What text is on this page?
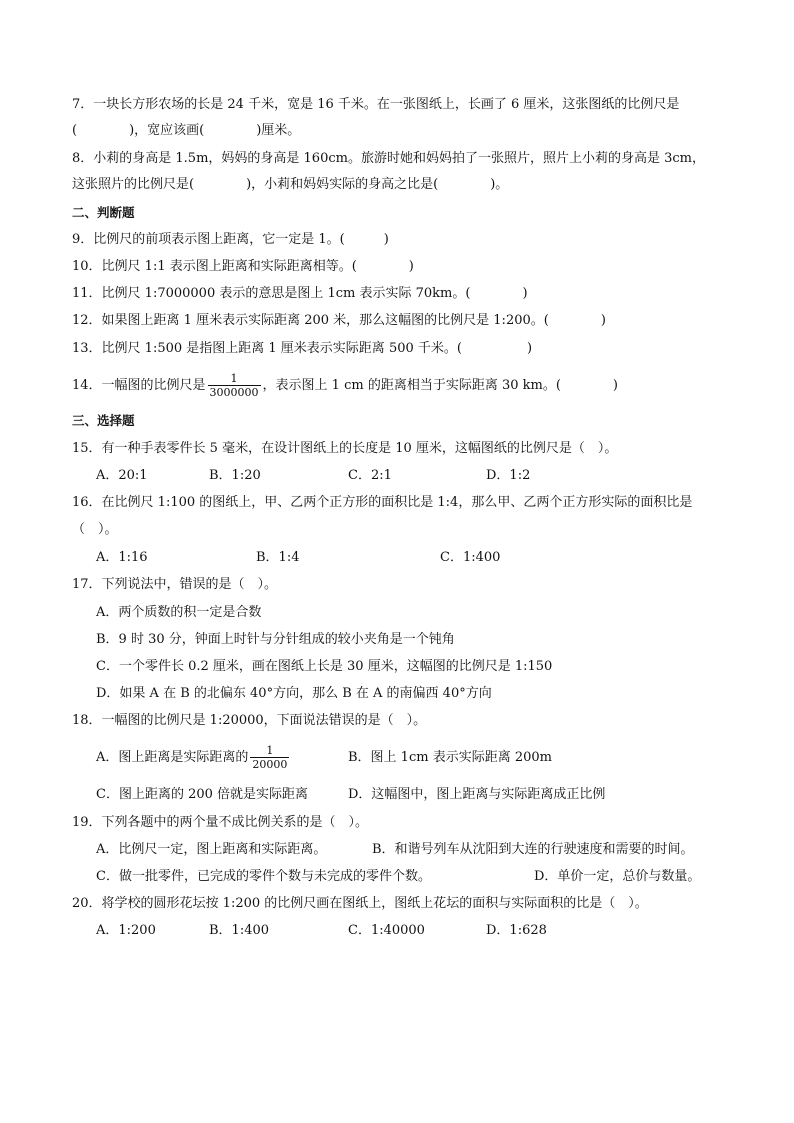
7．一块长方形农场的长是 24 千米，宽是 16 千米。在一张图纸上，长画了 6 厘米，这张图纸的比例尺是
(　　　　)，宽应该画(　　　　)厘米。
8．小莉的身高是 1.5m，妈妈的身高是 160cm。旅游时她和妈妈拍了一张照片，照片上小莉的身高是 3cm，
这张照片的比例尺是(　　　　)，小莉和妈妈实际的身高之比是(　　　　)。
二、判断题
9．比例尺的前项表示图上距离，它一定是 1。(　　　)
10．比例尺 1:1 表示图上距离和实际距离相等。(　　　　)
11．比例尺 1:7000000 表示的意思是图上 1cm 表示实际 70km。(　　　　)
12．如果图上距离 1 厘米表示实际距离 200 米，那么这幅图的比例尺是 1:200。(　　　　)
13．比例尺 1:500 是指图上距离 1 厘米表示实际距离 500 千米。(　　　　　)
14．一幅图的比例尺是 $\frac{1}{3000000}$ ，表示图上 1 cm 的距离相当于实际距离 30 km。(　　　　)
三、选择题
15．有一种手表零件长 5 毫米，在设计图纸上的长度是 10 厘米，这幅图纸的比例尺是（　）。
A．20:1	B．1:20	C．2:1	D．1:2
16．在比例尺 1:100 的图纸上，甲、乙两个正方形的面积比是 1:4，那么甲、乙两个正方形实际的面积比是
（　）。
A．1:16	B．1:4	C．1:400
17．下列说法中，错误的是（　）。
A．两个质数的积一定是合数
B．9 时 30 分，钟面上时针与分针组成的较小夹角是一个钝角
C．一个零件长 0.2 厘米，画在图纸上长是 30 厘米，这幅图的比例尺是 1:150
D．如果 A 在 B 的北偏东 40°方向，那么 B 在 A 的南偏西 40°方向
18．一幅图的比例尺是 1:20000，下面说法错误的是（　）。
A．图上距离是实际距离的 $\frac{1}{20000}$	B．图上 1cm 表示实际距离 200m
C．图上距离的 200 倍就是实际距离	D．这幅图中，图上距离与实际距离成正比例
19．下列各题中的两个量不成比例关系的是（　）。
A．比例尺一定，图上距离和实际距离。	B．和谐号列车从沈阳到大连的行驶速度和需要的时间。
C．做一批零件，已完成的零件个数与未完成的零件个数。	D．单价一定，总价与数量。
20．将学校的圆形花坛按 1:200 的比例尺画在图纸上，图纸上花坛的面积与实际面积的比是（　）。
A．1:200	B．1:400	C．1:40000	D．1:628
